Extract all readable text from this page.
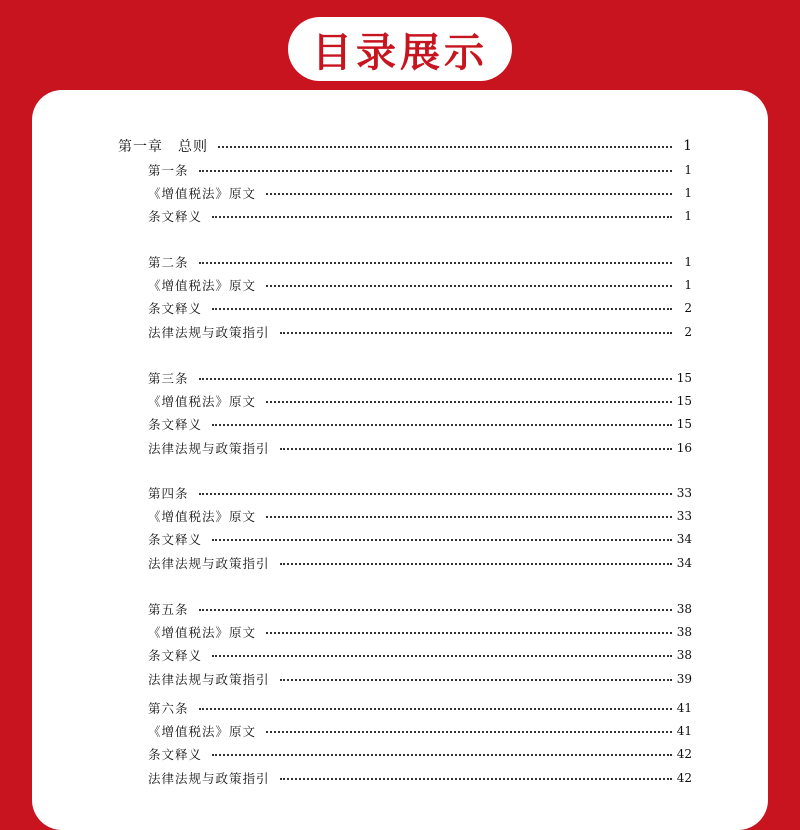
目录展示
第一章　总则	1
第一条	1
《增值税法》原文	1
条文释义	1
第二条	1
《增值税法》原文	1
条文释义	2
法律法规与政策指引	2
第三条	15
《增值税法》原文	15
条文释义	15
法律法规与政策指引	16
第四条	33
《增值税法》原文	33
条文释义	34
法律法规与政策指引	34
第五条	38
《增值税法》原文	38
条文释义	38
法律法规与政策指引	39
第六条	41
《增值税法》原文	41
条文释义	42
法律法规与政策指引	42
